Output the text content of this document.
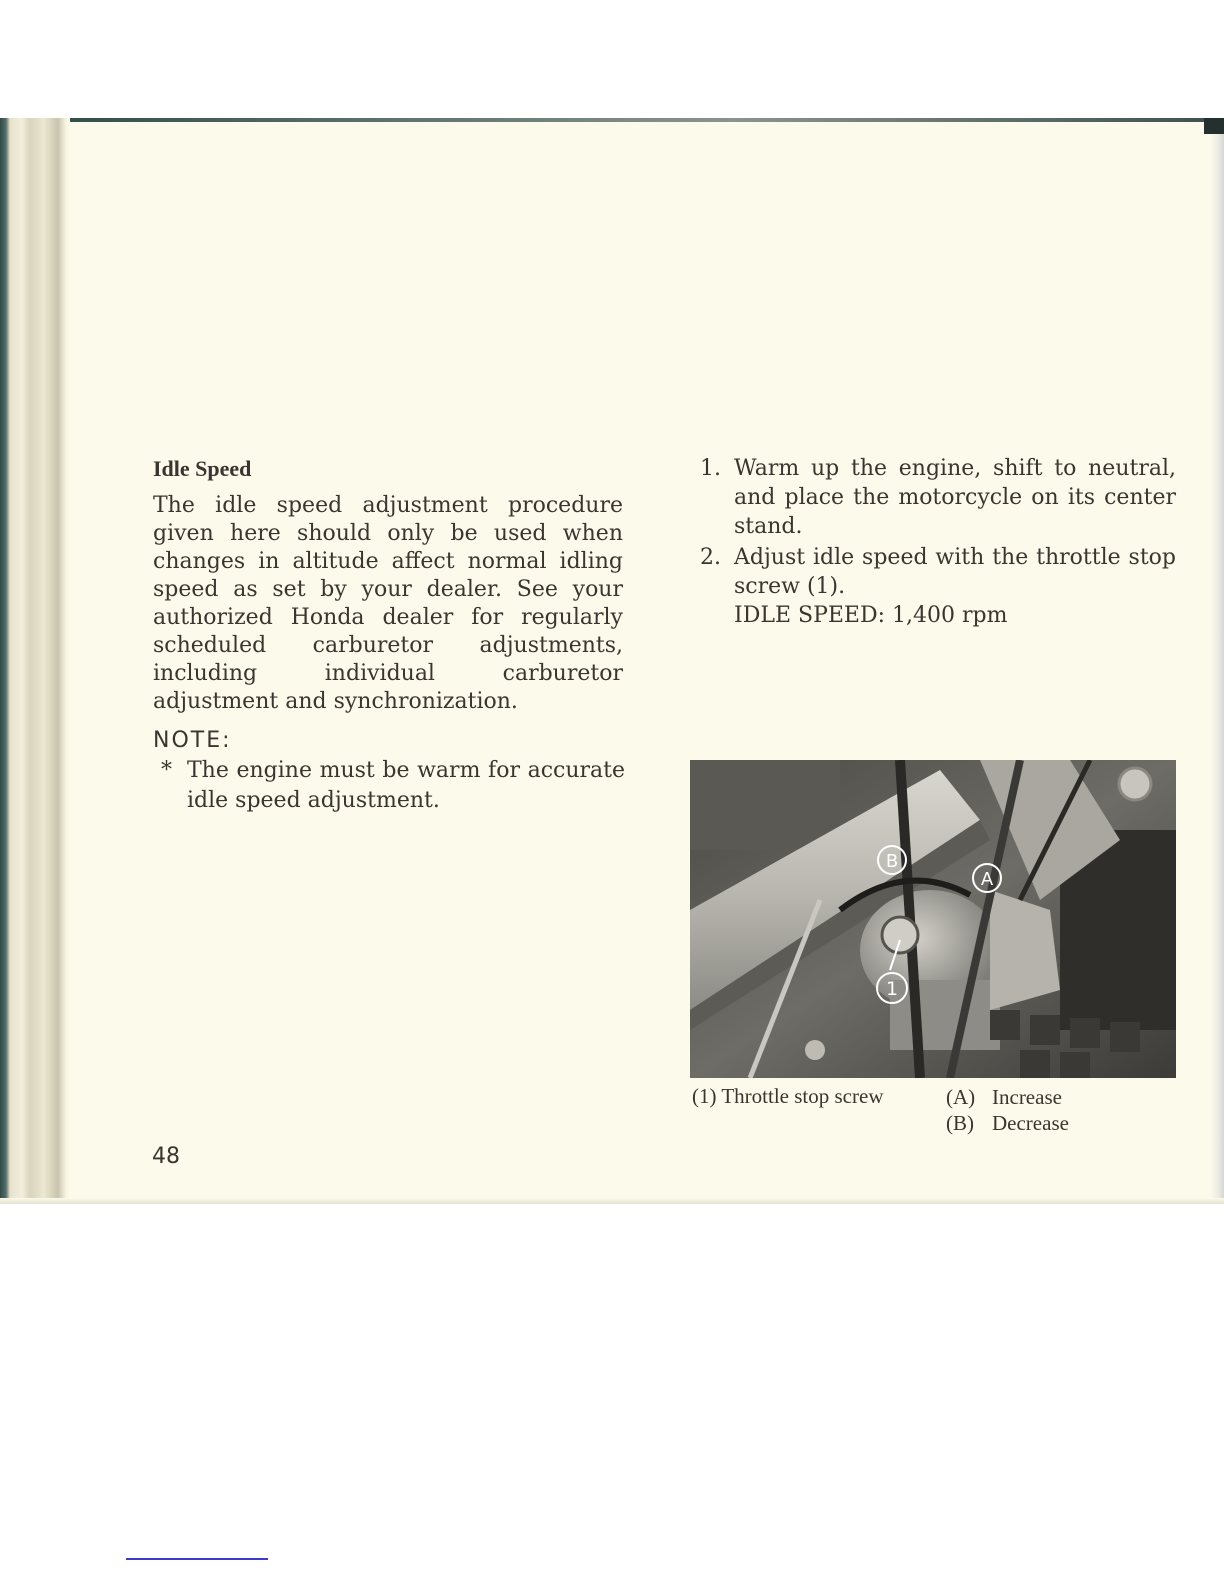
Idle Speed

The idle speed adjustment procedure given here should only be used when changes in altitude affect normal idling speed as set by your dealer. See your authorized Honda dealer for regularly scheduled carburetor adjustments, including individual carburetor adjustment and synchronization.

NOTE:

* The engine must be warm for accurate idle speed adjustment.

1. Warm up the engine, shift to neutral, and place the motorcycle on its center stand.
2. Adjust idle speed with the throttle stop screw (1).
IDLE SPEED: 1,400 rpm
B
A
1
(1) Throttle stop screw	(A) Increase
(B) Decrease

48
